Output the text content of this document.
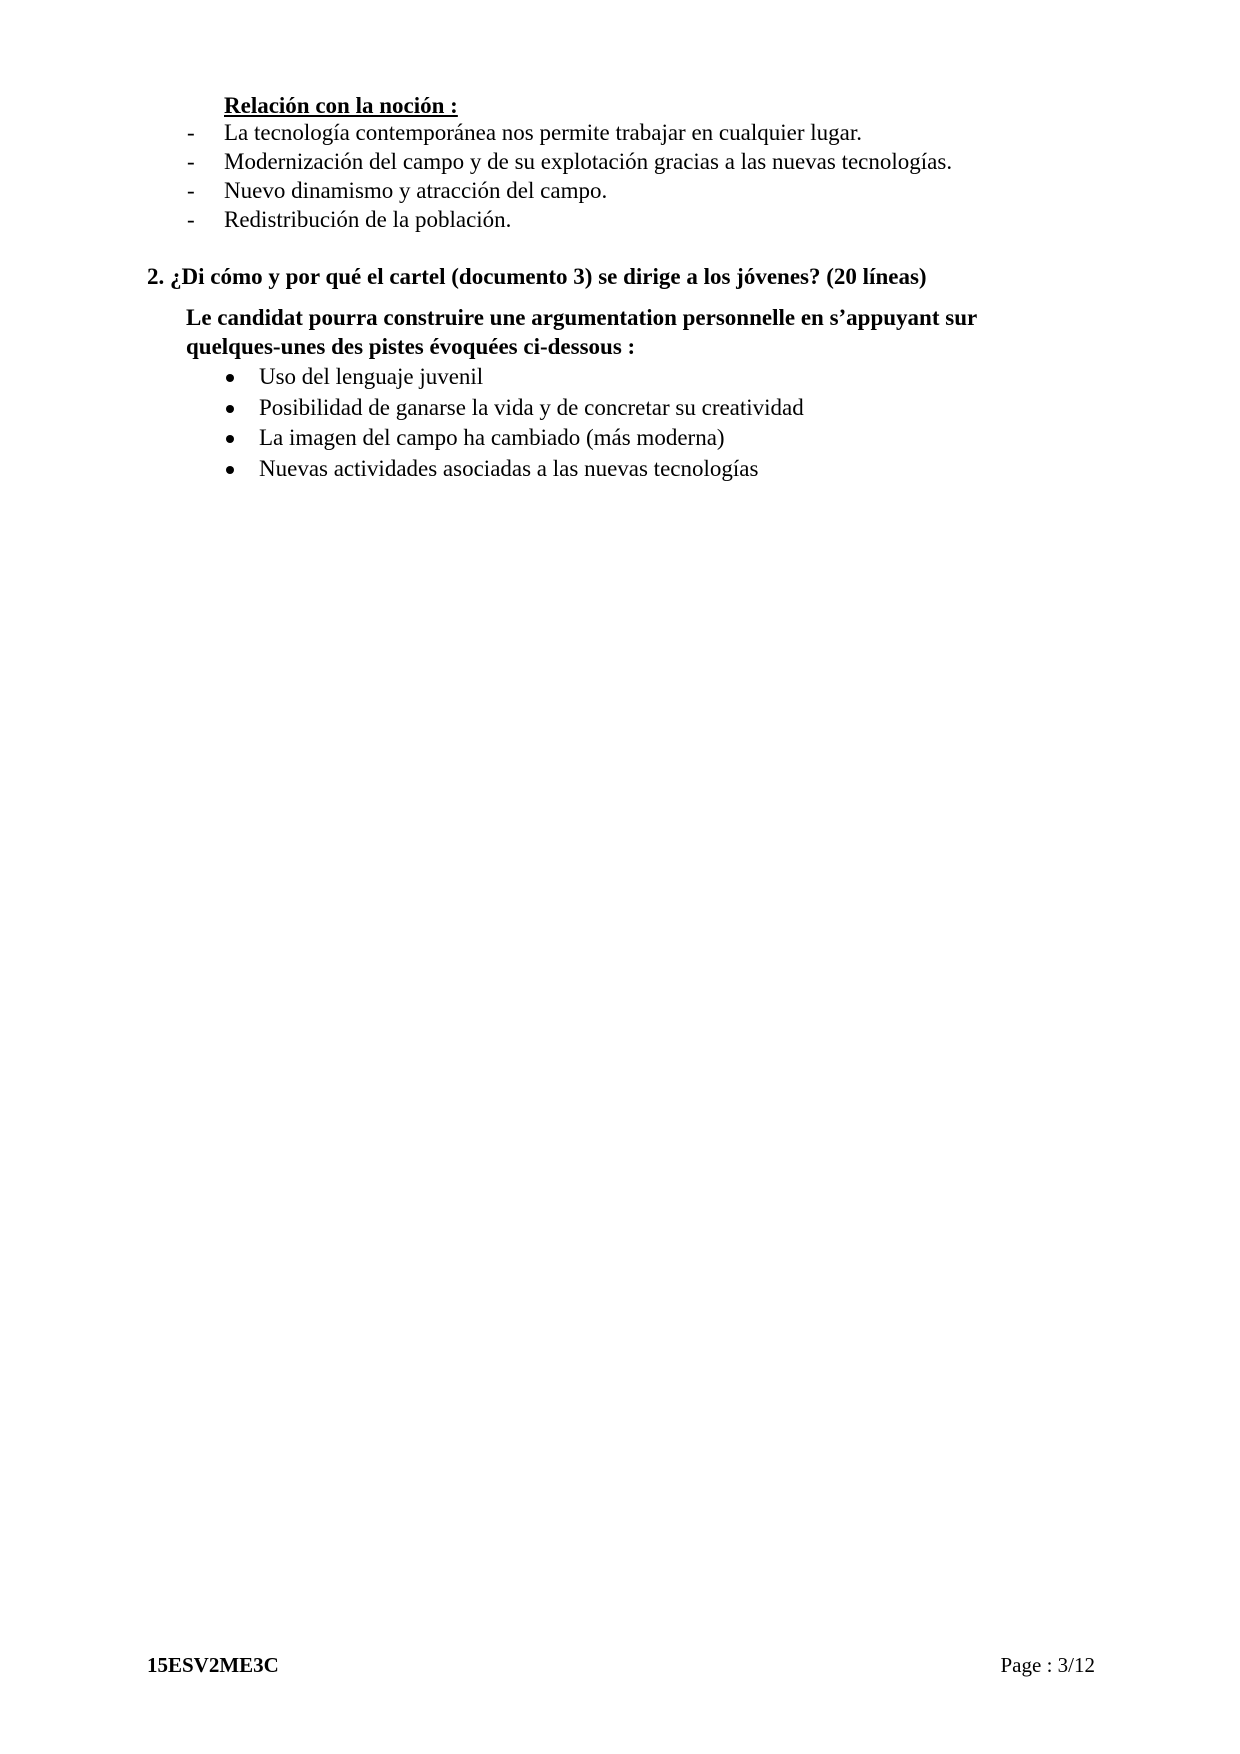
Relación con la noción :
- La tecnología contemporánea nos permite trabajar en cualquier lugar.
- Modernización del campo y de su explotación gracias a las nuevas tecnologías.
- Nuevo dinamismo y atracción del campo.
- Redistribución de la población.
2. ¿Di cómo y por qué el cartel (documento 3) se dirige a los jóvenes? (20 líneas)
Le candidat pourra construire une argumentation personnelle en s’appuyant sur
quelques-unes des pistes évoquées ci-dessous :
Uso del lenguaje juvenil
Posibilidad de ganarse la vida y de concretar su creatividad
La imagen del campo ha cambiado (más moderna)
Nuevas actividades asociadas a las nuevas tecnologías
15ESV2ME3C	Page : 3/12
